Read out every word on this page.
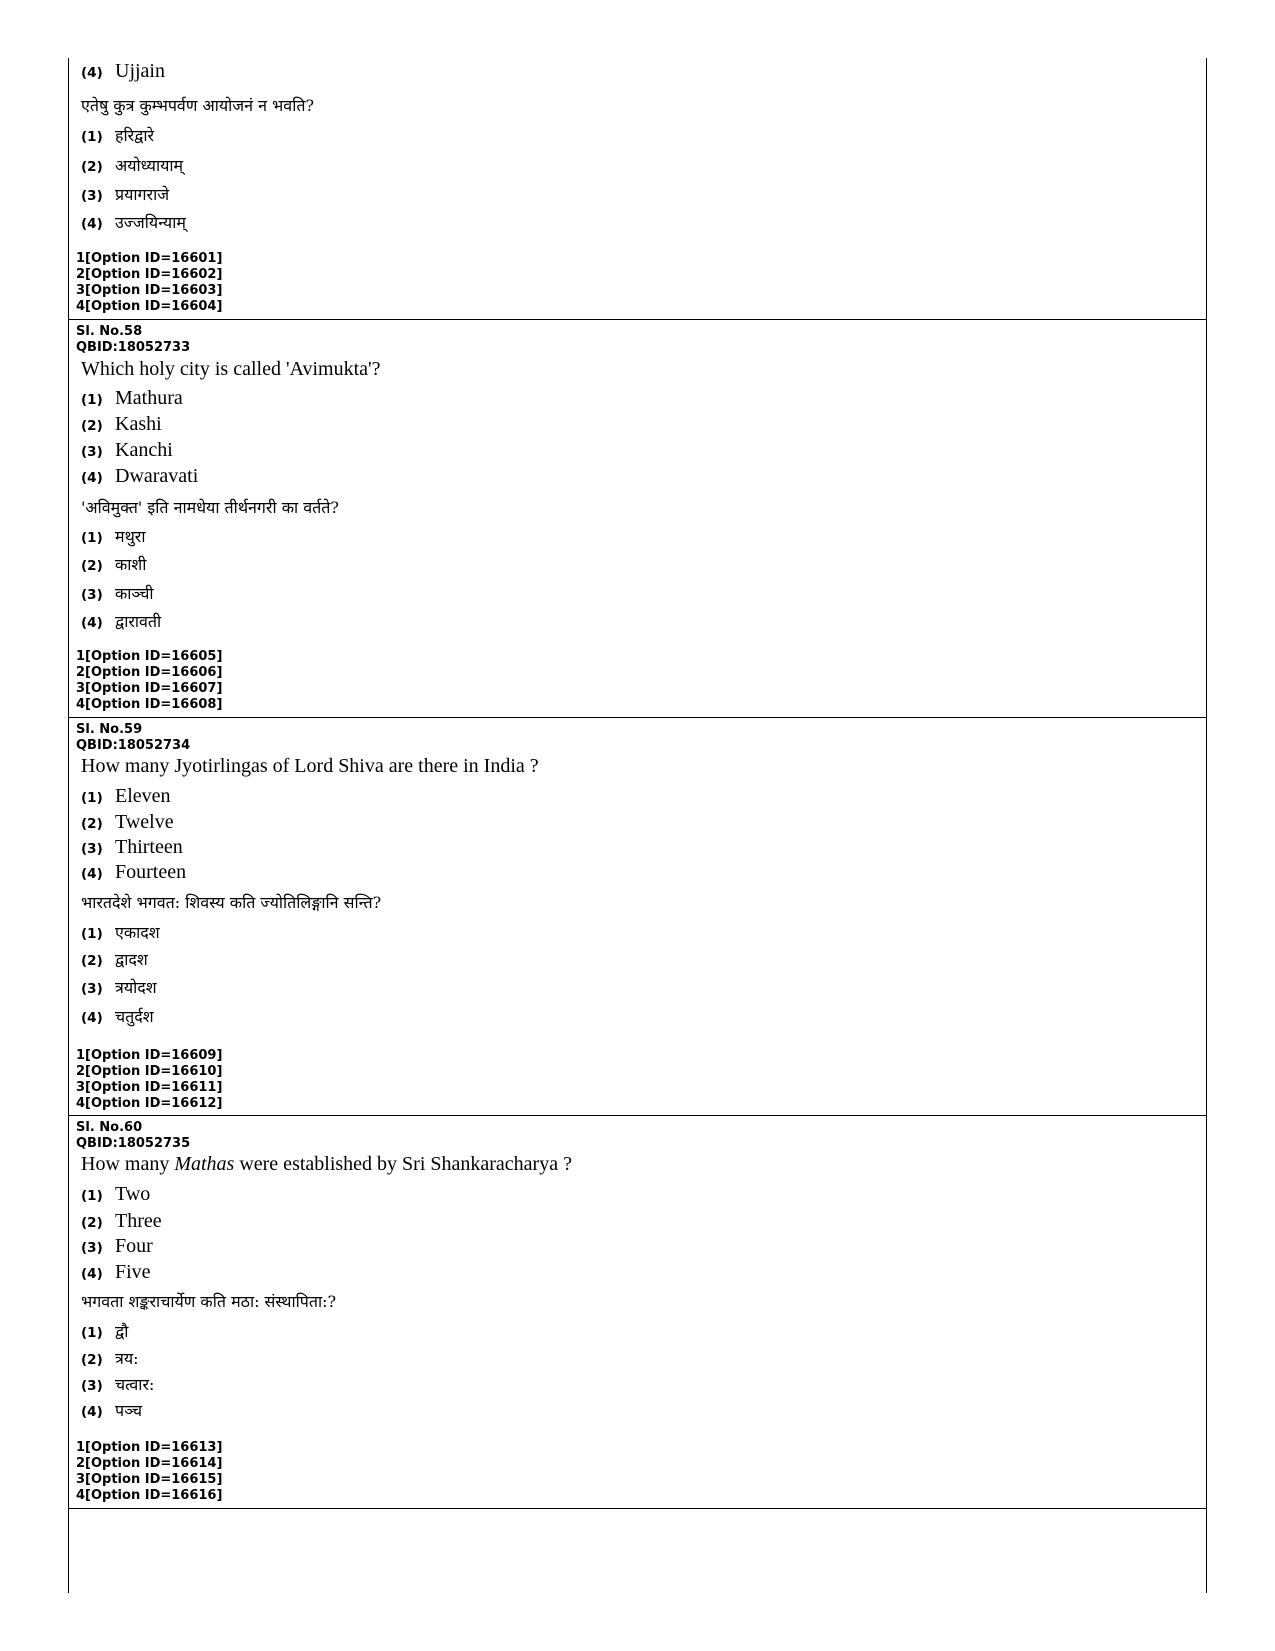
(4) Ujjain
एतेषु कुत्र कुम्भपर्वण आयोजनं न भवति?
(1) हरिद्वारे
(2) अयोध्यायाम्
(3) प्रयागराजे
(4) उज्जयिन्याम्
1[Option ID=16601]
2[Option ID=16602]
3[Option ID=16603]
4[Option ID=16604]
Sl. No.58
QBID:18052733
Which holy city is called 'Avimukta'?
(1) Mathura
(2) Kashi
(3) Kanchi
(4) Dwaravati
'अविमुक्त' इति नामधेया तीर्थनगरी का वर्तते?
(1) मथुरा
(2) काशी
(3) काञ्ची
(4) द्वारावती
1[Option ID=16605]
2[Option ID=16606]
3[Option ID=16607]
4[Option ID=16608]
Sl. No.59
QBID:18052734
How many Jyotirlingas of Lord Shiva are there in India ?
(1) Eleven
(2) Twelve
(3) Thirteen
(4) Fourteen
भारतदेशे भगवत: शिवस्य कति ज्योतिलिङ्गानि सन्ति?
(1) एकादश
(2) द्वादश
(3) त्रयोदश
(4) चतुर्दश
1[Option ID=16609]
2[Option ID=16610]
3[Option ID=16611]
4[Option ID=16612]
Sl. No.60
QBID:18052735
How many Mathas were established by Sri Shankaracharya ?
(1) Two
(2) Three
(3) Four
(4) Five
भगवता शङ्कराचार्येण कति मठा: संस्थापिता:?
(1) द्वौ
(2) त्रय:
(3) चत्वार:
(4) पञ्च
1[Option ID=16613]
2[Option ID=16614]
3[Option ID=16615]
4[Option ID=16616]
